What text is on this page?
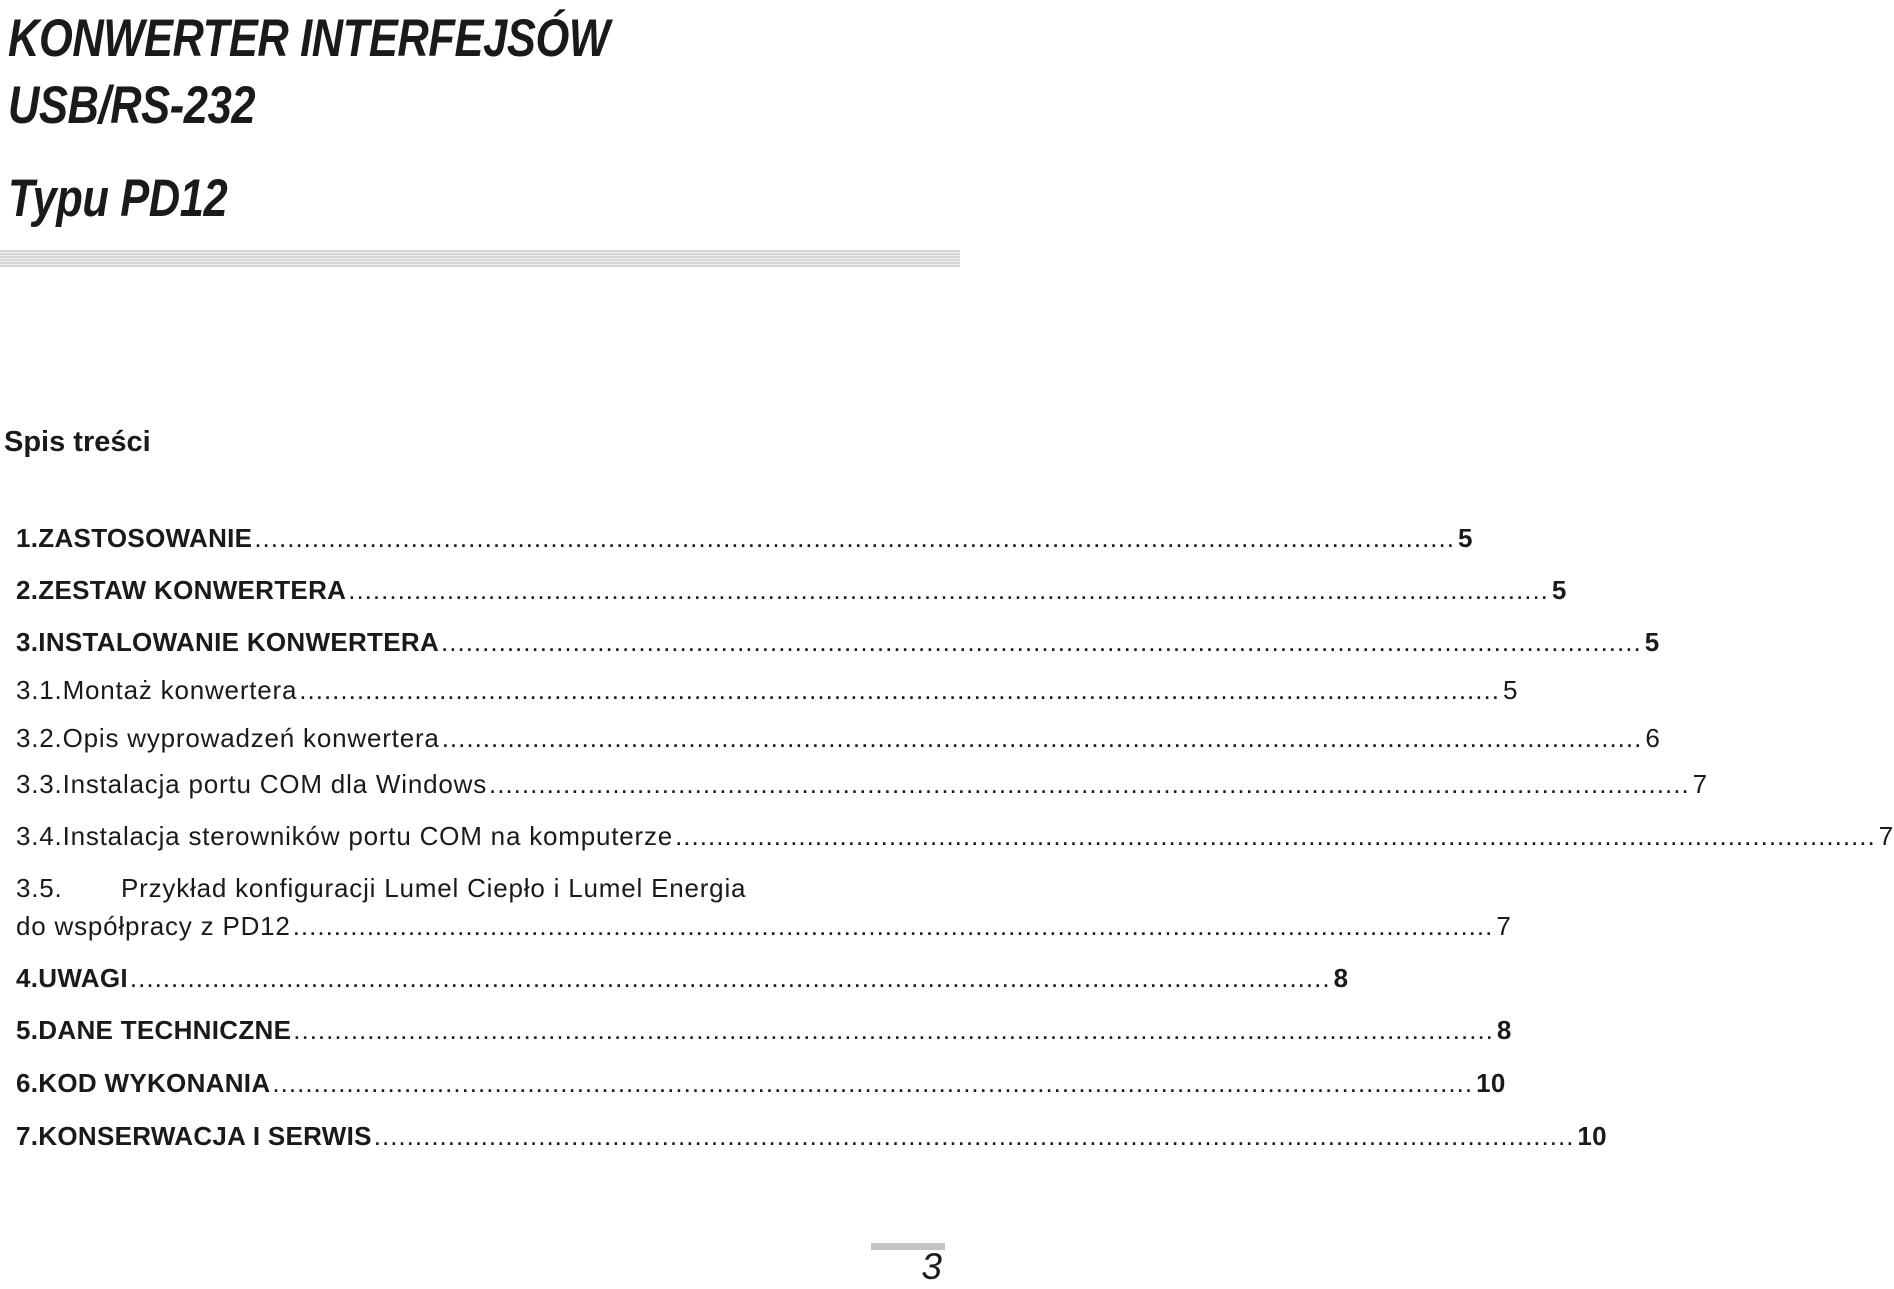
KONWERTER INTERFEJSÓW
USB/RS-232
Typu PD12
Spis treści
1. ZASTOSOWANIE .................................................................................................................................................. 5
2. ZESTAW KONWERTERA .................................................................................................................................................. 5
3. INSTALOWANIE KONWERTERA .................................................................................................................................................. 5
3.1. Montaż konwertera .................................................................................................................................................. 5
3.2. Opis wyprowadzeń konwertera .................................................................................................................................................. 6
3.3. Instalacja portu COM dla Windows .................................................................................................................................................. 7
3.4. Instalacja sterowników portu COM na komputerze .................................................................................................................................................. 7
3.5. Przykład konfiguracji Lumel Ciepło i Lumel Energia
do współpracy z PD12 .................................................................................................................................................. 7
4. UWAGI .................................................................................................................................................. 8
5. DANE TECHNICZNE .................................................................................................................................................. 8
6. KOD WYKONANIA .................................................................................................................................................. 10
7. KONSERWACJA I SERWIS .................................................................................................................................................. 10

3
